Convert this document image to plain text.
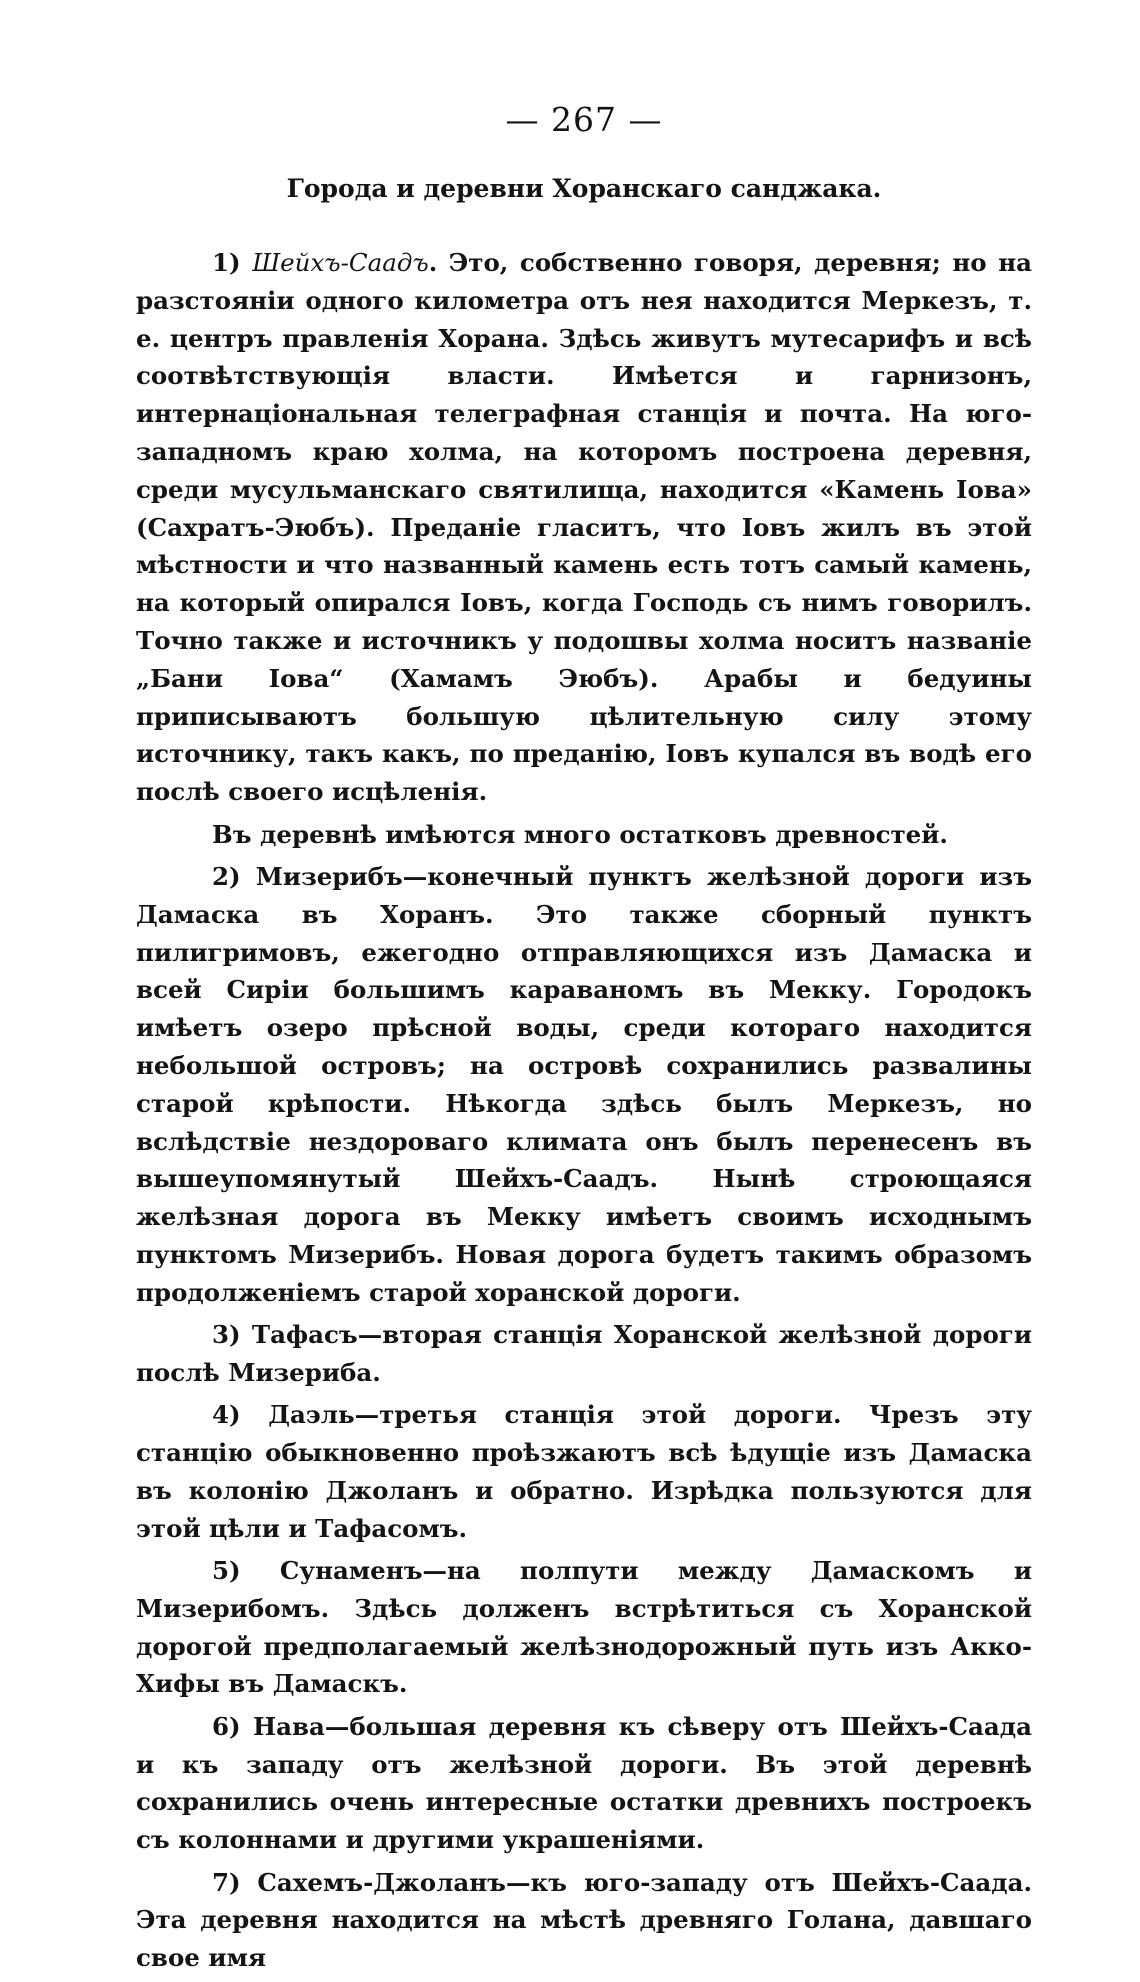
— 267 —
Города и деревни Хоранскаго санджака.

1) Шейхъ-Саадъ. Это, собственно говоря, деревня; но на разстояніи одного километра отъ нея находится Меркезъ, т. е. центръ правленія Хорана. Здѣсь живутъ мутесарифъ и всѣ соотвѣтствующія власти. Имѣется и гарнизонъ, интернаціональная телеграфная станція и почта. На юго-западномъ краю холма, на которомъ построена деревня, среди мусульманскаго святилища, находится «Камень Іова» (Сахратъ-Эюбъ). Преданіе гласитъ, что Іовъ жилъ въ этой мѣстности и что названный камень есть тотъ самый камень, на который опирался Іовъ, когда Господь съ нимъ говорилъ. Точно также и источникъ у подошвы холма носитъ названіе „Бани Іова“ (Хамамъ Эюбъ). Арабы и бедуины приписываютъ большую цѣлительную силу этому источнику, такъ какъ, по преданію, Іовъ купался въ водѣ его послѣ своего исцѣленія.

Въ деревнѣ имѣются много остатковъ древностей.

2) Мизерибъ—конечный пунктъ желѣзной дороги изъ Дамаска въ Хоранъ. Это также сборный пунктъ пилигримовъ, ежегодно отправляющихся изъ Дамаска и всей Сиріи большимъ караваномъ въ Мекку. Городокъ имѣетъ озеро прѣсной воды, среди котораго находится небольшой островъ; на островѣ сохранились развалины старой крѣпости. Нѣкогда здѣсь былъ Меркезъ, но вслѣдствіе нездороваго климата онъ былъ перенесенъ въ вышеупомянутый Шейхъ-Саадъ. Нынѣ строющаяся желѣзная дорога въ Мекку имѣетъ своимъ исходнымъ пунктомъ Мизерибъ. Новая дорога будетъ такимъ образомъ продолженіемъ старой хоранской дороги.

3) Тафасъ—вторая станція Хоранской желѣзной дороги послѣ Мизериба.

4) Даэль—третья станція этой дороги. Чрезъ эту станцію обыкновенно проѣзжаютъ всѣ ѣдущіе изъ Дамаска въ колонію Джоланъ и обратно. Изрѣдка пользуются для этой цѣли и Тафасомъ.

5) Сунаменъ—на полпути между Дамаскомъ и Мизерибомъ. Здѣсь долженъ встрѣтиться съ Хоранской дорогой предполагаемый желѣзнодорожный путь изъ Акко-Хифы въ Дамаскъ.

6) Нава—большая деревня къ сѣверу отъ Шейхъ-Саада и къ западу отъ желѣзной дороги. Въ этой деревнѣ сохранились очень интересные остатки древнихъ построекъ съ колоннами и другими украшеніями.

7) Сахемъ-Джоланъ—къ юго-западу отъ Шейхъ-Саада. Эта деревня находится на мѣстѣ древняго Голана, давшаго свое имя
